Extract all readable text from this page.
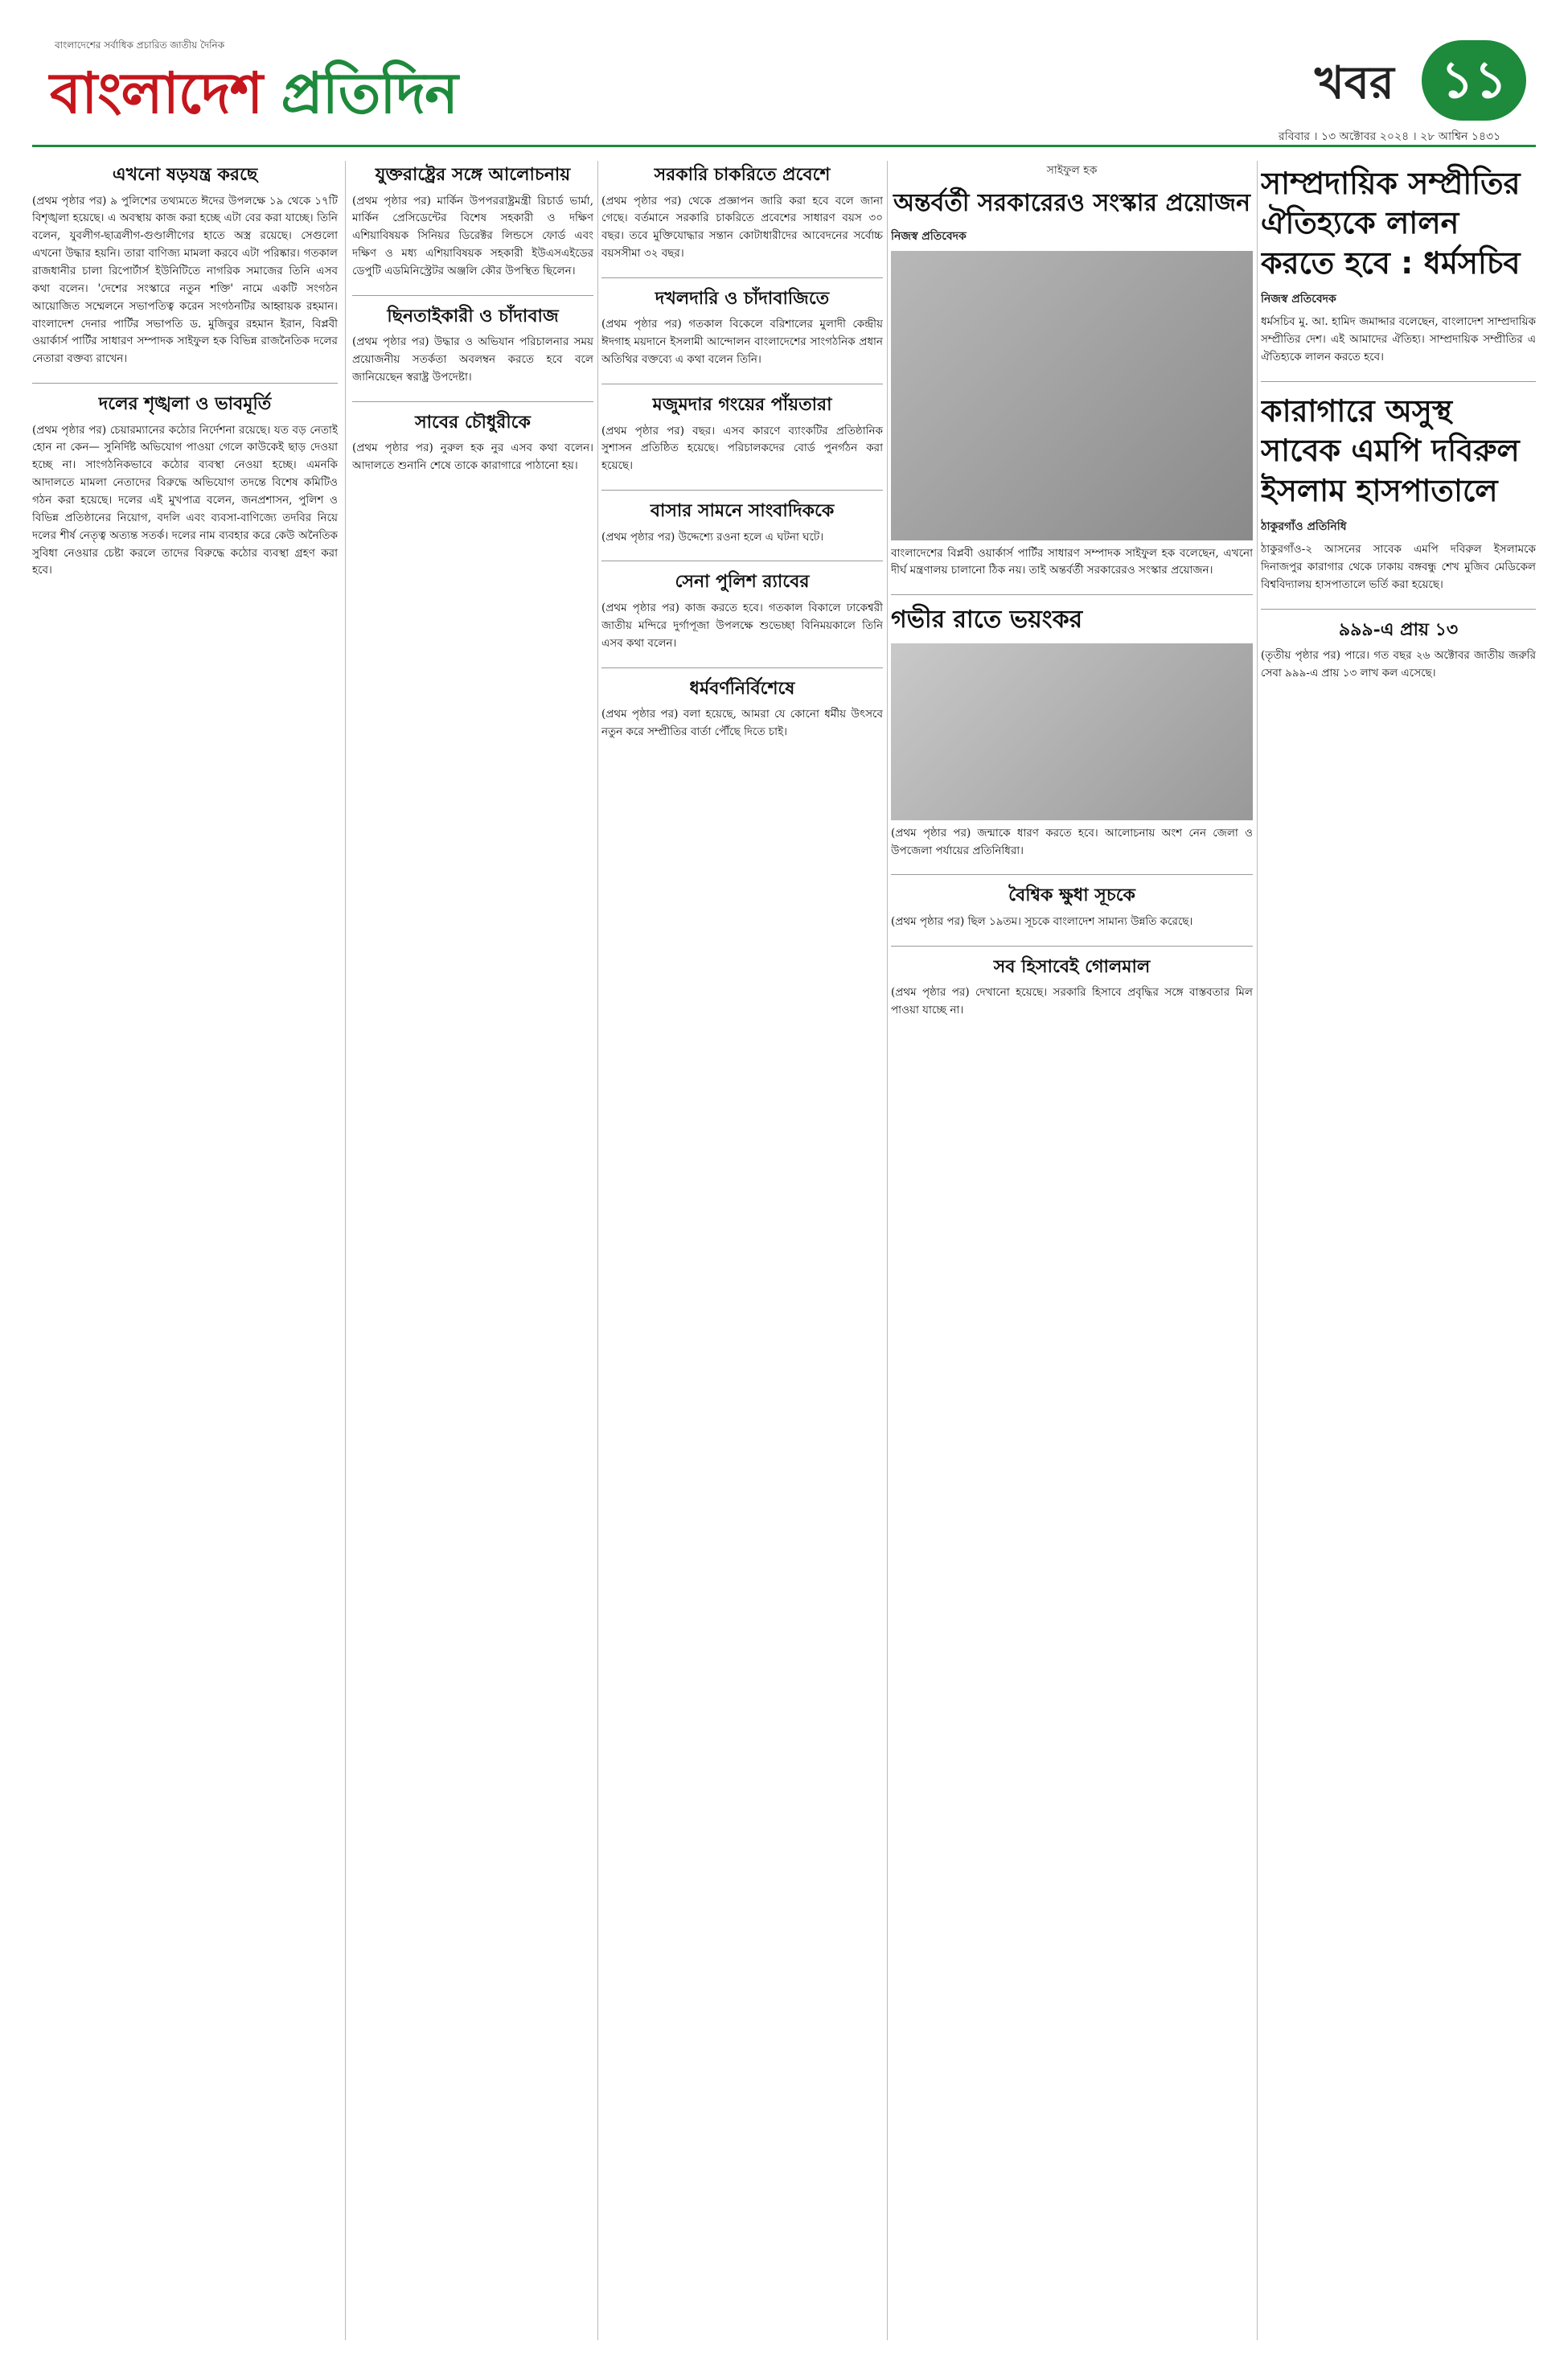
বাংলাদেশের সর্বাধিক প্রচারিত জাতীয় দৈনিক
বাংলাদেশ প্রতিদিন	খবর ১১
রবিবার । ১৩ অক্টোবর ২০২৪ । ২৮ আশ্বিন ১৪৩১
এখনো ষড়যন্ত্র করছে
(প্রথম পৃষ্ঠার পর) ৯ পুলিশের তথ্যমতে ঈদের উপলক্ষে ১৯ থেকে ১৭টি বিশৃঙ্খলা হয়েছে। এ অবস্থায় কাজ করা হচ্ছে এটা বের করা যাচ্ছে। তিনি বলেন, যুবলীগ-ছাত্রলীগ-গুণ্ডালীগের হাতে অস্ত্র রয়েছে। সেগুলো এখনো উদ্ধার হয়নি। তারা বাণিজ্য মামলা করবে এটা পরিষ্কার। গতকাল রাজধানীর চালা রিপোর্টার্স ইউনিটিতে নাগরিক সমাজের তিনি এসব কথা বলেন। 'দেশের সংস্কারে নতুন শক্তি' নামে একটি সংগঠন আয়োজিত সম্মেলনে সভাপতিত্ব করেন সংগঠনটির আহ্বায়ক রহমান। বাংলাদেশ দেনার পার্টির সভাপতি ড. মুজিবুর রহমান ইরান, বিপ্লবী ওয়ার্কার্স পার্টির সাধারণ সম্পাদক সাইফুল হক বিভিন্ন রাজনৈতিক দলের নেতারা বক্তব্য রাখেন।
দলের শৃঙ্খলা ও ভাবমূর্তি
(প্রথম পৃষ্ঠার পর) চেয়ারম্যানের কঠোর নির্দেশনা রয়েছে। যত বড় নেতাই হোন না কেন— সুনির্দিষ্ট অভিযোগ পাওয়া গেলে কাউকেই ছাড় দেওয়া হচ্ছে না। সাংগঠনিকভাবে কঠোর ব্যবস্থা নেওয়া হচ্ছে। এমনকি আদালতে মামলা নেতাদের বিরুদ্ধে অভিযোগ তদন্তে বিশেষ কমিটিও গঠন করা হয়েছে। দলের এই মুখপাত্র বলেন, জনপ্রশাসন, পুলিশ ও বিভিন্ন প্রতিষ্ঠানের নিয়োগ, বদলি এবং ব্যবসা-বাণিজ্যে তদবির নিয়ে দলের শীর্ষ নেতৃত্ব অত্যন্ত সতর্ক। দলের নাম ব্যবহার করে কেউ অনৈতিক সুবিধা নেওয়ার চেষ্টা করলে তাদের বিরুদ্ধে কঠোর ব্যবস্থা গ্রহণ করা হবে।
যুক্তরাষ্ট্রের সঙ্গে আলোচনায়
(প্রথম পৃষ্ঠার পর) মার্কিন উপপররাষ্ট্রমন্ত্রী রিচার্ড ভার্মা, মার্কিন প্রেসিডেন্টের বিশেষ সহকারী ও দক্ষিণ এশিয়াবিষয়ক সিনিয়র ডিরেক্টর লিন্ডসে ফোর্ড এবং দক্ষিণ ও মধ্য এশিয়াবিষয়ক সহকারী ইউএসএইডের ডেপুটি এডমিনিস্ট্রেটর অঞ্জলি কৌর উপস্থিত ছিলেন।
ছিনতাইকারী ও চাঁদাবাজ
(প্রথম পৃষ্ঠার পর) উদ্ধার ও অভিযান পরিচালনার সময় প্রয়োজনীয় সতর্কতা অবলম্বন করতে হবে বলে জানিয়েছেন স্বরাষ্ট্র উপদেষ্টা।
সাবের চৌধুরীকে
(প্রথম পৃষ্ঠার পর) নুরুল হক নুর এসব কথা বলেন। আদালতে শুনানি শেষে তাকে কারাগারে পাঠানো হয়।
সরকারি চাকরিতে প্রবেশে
(প্রথম পৃষ্ঠার পর) থেকে প্রজ্ঞাপন জারি করা হবে বলে জানা গেছে। বর্তমানে সরকারি চাকরিতে প্রবেশের সাধারণ বয়স ৩০ বছর। তবে মুক্তিযোদ্ধার সন্তান কোটাধারীদের আবেদনের সর্বোচ্চ বয়সসীমা ৩২ বছর।
দখলদারি ও চাঁদাবাজিতে
(প্রথম পৃষ্ঠার পর) গতকাল বিকেলে বরিশালের মুলাদী কেন্দ্রীয় ঈদগাহ ময়দানে ইসলামী আন্দোলন বাংলাদেশের সাংগঠনিক প্রধান অতিথির বক্তব্যে এ কথা বলেন তিনি।
মজুমদার গংয়ের পাঁয়তারা
(প্রথম পৃষ্ঠার পর) বছর। এসব কারণে ব্যাংকটির প্রতিষ্ঠানিক সুশাসন প্রতিষ্ঠিত হয়েছে। পরিচালকদের বোর্ড পুনর্গঠন করা হয়েছে।
বাসার সামনে সাংবাদিককে
(প্রথম পৃষ্ঠার পর) উদ্দেশ্যে রওনা হলে এ ঘটনা ঘটে।
সেনা পুলিশ র‍্যাবের
(প্রথম পৃষ্ঠার পর) কাজ করতে হবে। গতকাল বিকালে ঢাকেশ্বরী জাতীয় মন্দিরে দুর্গাপূজা উপলক্ষে শুভেচ্ছা বিনিময়কালে তিনি এসব কথা বলেন।
ধর্মবর্ণনির্বিশেষে
(প্রথম পৃষ্ঠার পর) বলা হয়েছে, আমরা যে কোনো ধর্মীয় উৎসবে নতুন করে সম্প্রীতির বার্তা পৌঁছে দিতে চাই।
সাইফুল হক
অন্তর্বর্তী সরকারেরও সংস্কার প্রয়োজন
নিজস্ব প্রতিবেদক
বাংলাদেশের বিপ্লবী ওয়ার্কার্স পার্টির সাধারণ সম্পাদক সাইফুল হক বলেছেন, এখনো দীর্ঘ মন্ত্রণালয় চালানো ঠিক নয়। তাই অন্তর্বর্তী সরকারেরও সংস্কার প্রয়োজন।
গভীর রাতে ভয়ংকর
(প্রথম পৃষ্ঠার পর) জন্মাকে ধারণ করতে হবে। আলোচনায় অংশ নেন জেলা ও উপজেলা পর্যায়ের প্রতিনিধিরা।
বৈশ্বিক ক্ষুধা সূচকে
(প্রথম পৃষ্ঠার পর) ছিল ১৯তম। সূচকে বাংলাদেশ সামান্য উন্নতি করেছে।
সব হিসাবেই গোলমাল
(প্রথম পৃষ্ঠার পর) দেখানো হয়েছে। সরকারি হিসাবে প্রবৃদ্ধির সঙ্গে বাস্তবতার মিল পাওয়া যাচ্ছে না।
সাম্প্রদায়িক সম্প্রীতির ঐতিহ্যকে লালন করতে হবে : ধর্মসচিব
নিজস্ব প্রতিবেদক
ধর্মসচিব মু. আ. হামিদ জমাদ্দার বলেছেন, বাংলাদেশ সাম্প্রদায়িক সম্প্রীতির দেশ। এই আমাদের ঐতিহ্য। সাম্প্রদায়িক সম্প্রীতির এ ঐতিহ্যকে লালন করতে হবে।
কারাগারে অসুস্থ সাবেক এমপি দবিরুল ইসলাম হাসপাতালে
ঠাকুরগাঁও প্রতিনিধি
ঠাকুরগাঁও-২ আসনের সাবেক এমপি দবিরুল ইসলামকে দিনাজপুর কারাগার থেকে ঢাকায় বঙ্গবন্ধু শেখ মুজিব মেডিকেল বিশ্ববিদ্যালয় হাসপাতালে ভর্তি করা হয়েছে।
৯৯৯-এ প্রায় ১৩
(তৃতীয় পৃষ্ঠার পর) পারে। গত বছর ২৬ অক্টোবর জাতীয় জরুরি সেবা ৯৯৯-এ প্রায় ১৩ লাখ কল এসেছে।
